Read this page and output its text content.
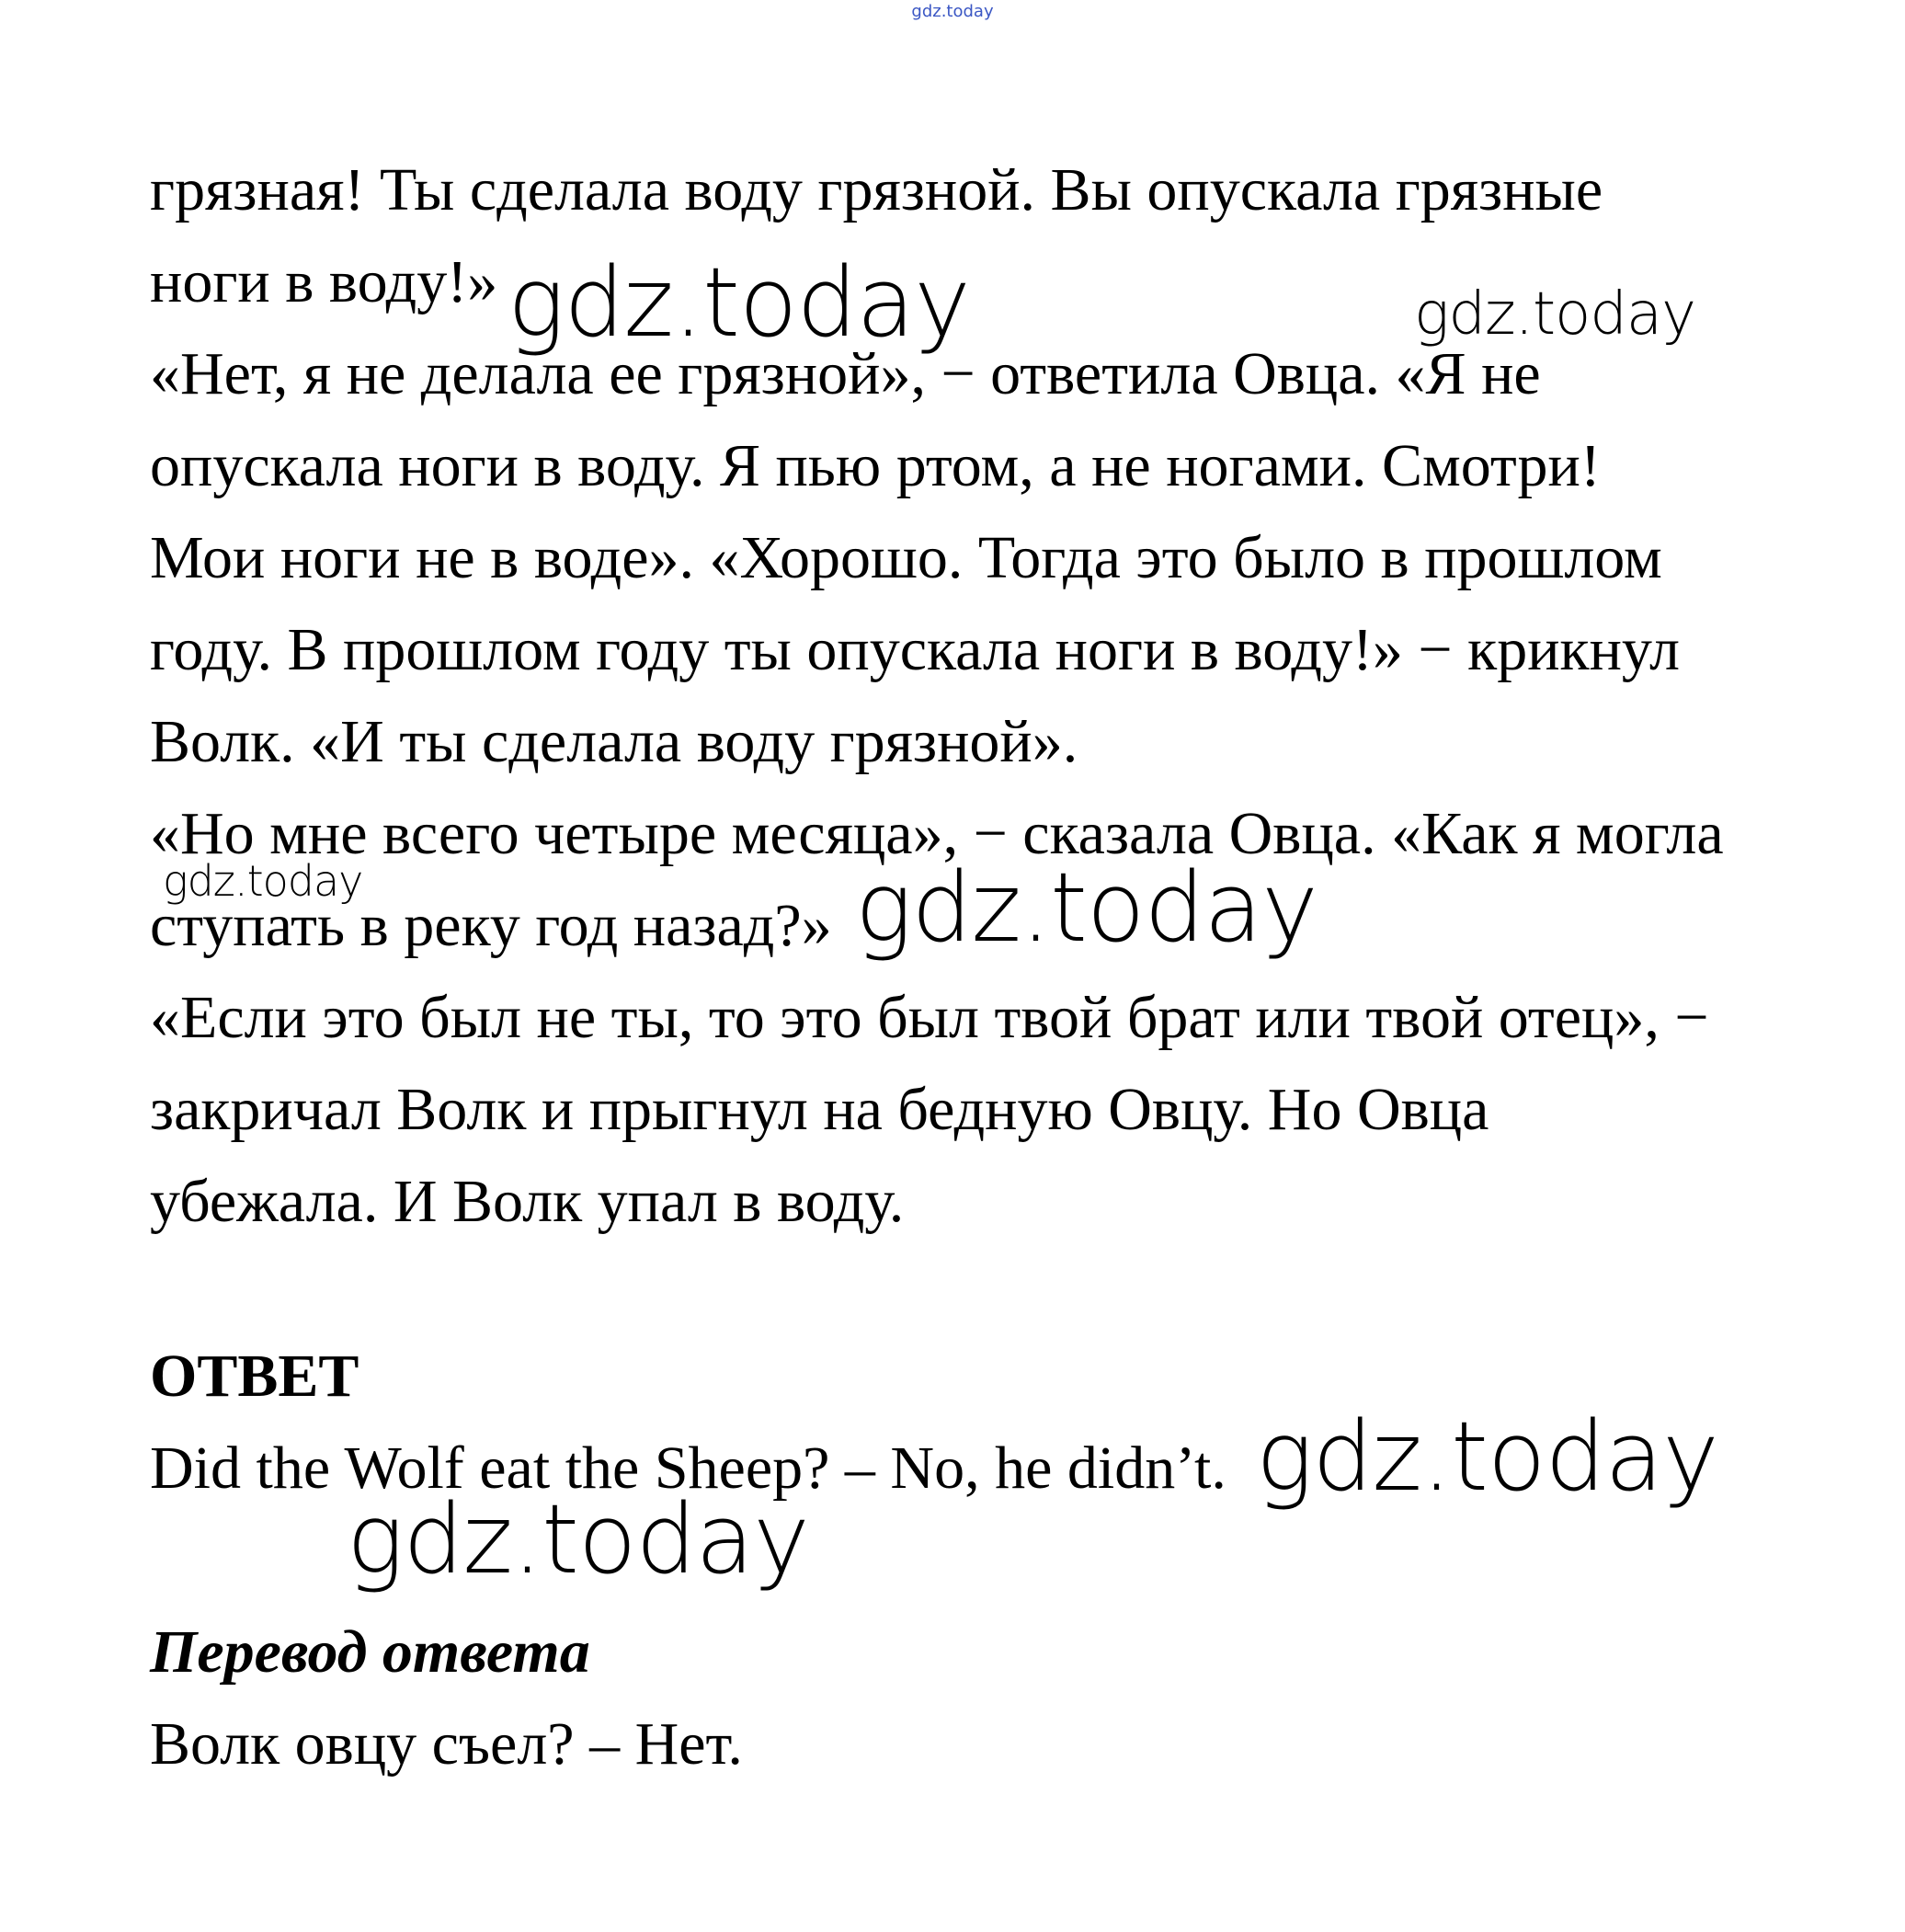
gdz.today
грязная! Ты сделала воду грязной. Вы опускала грязные
ноги в воду!»
«Нет, я не делала ее грязной», − ответила Овца. «Я не
опускала ноги в воду. Я пью ртом, а не ногами. Смотри!
Мои ноги не в воде». «Хорошо. Тогда это было в прошлом
году. В прошлом году ты опускала ноги в воду!» − крикнул
Волк. «И ты сделала воду грязной».
«Но мне всего четыре месяца», − сказала Овца. «Как я могла
ступать в реку год назад?»
«Если это был не ты, то это был твой брат или твой отец», −
закричал Волк и прыгнул на бедную Овцу. Но Овца
убежала. И Волк упал в воду.
ОТВЕТ
Did the Wolf eat the Sheep? – No, he didn’t.
Перевод ответа
Волк овцу съел? – Нет.
gdz.today	gdz.today
gdz.today	gdz.today
gdz.today
gdz.today
